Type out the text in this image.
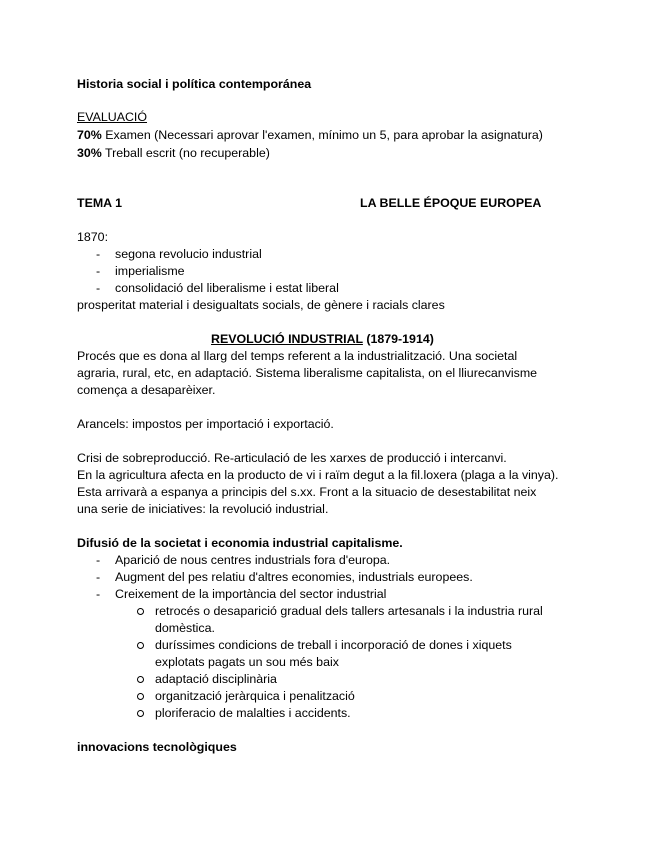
Historia social i política contemporánea
EVALUACIÓ
70% Examen (Necessari aprovar l'examen, mínimo un 5, para aprobar la asignatura)
30% Treball escrit (no recuperable)
TEMA 1	LA BELLE ÉPOQUE EUROPEA
1870:
- segona revolucio industrial
- imperialisme
- consolidació del liberalisme i estat liberal
prosperitat material i desigualtats socials, de gènere i racials clares
REVOLUCIÓ INDUSTRIAL (1879-1914)
Procés que es dona al llarg del temps referent a la industrialització. Una societal
agraria, rural, etc, en adaptació. Sistema liberalisme capitalista, on el lliurecanvisme
comença a desaparèixer.
Arancels: impostos per importació i exportació.
Crisi de sobreproducció. Re-articulació de les xarxes de producció i intercanvi.
En la agricultura afecta en la producto de vi i raïm degut a la fil.loxera (plaga a la vinya).
Esta arrivarà a espanya a principis del s.xx. Front a la situacio de desestabilitat neix
una serie de iniciatives: la revolució industrial.
Difusió de la societat i economia industrial capitalisme.
- Aparició de nous centres industrials fora d'europa.
- Augment del pes relatiu d'altres economies, industrials europees.
- Creixement de la importància del sector industrial
retrocés o desaparició gradual dels tallers artesanals i la industria rural
domèstica.
duríssimes condicions de treball i incorporació de dones i xiquets
explotats pagats un sou més baix
adaptació disciplinària
organització jeràrquica i penalització
ploriferacio de malalties i accidents.
innovacions tecnològiques
